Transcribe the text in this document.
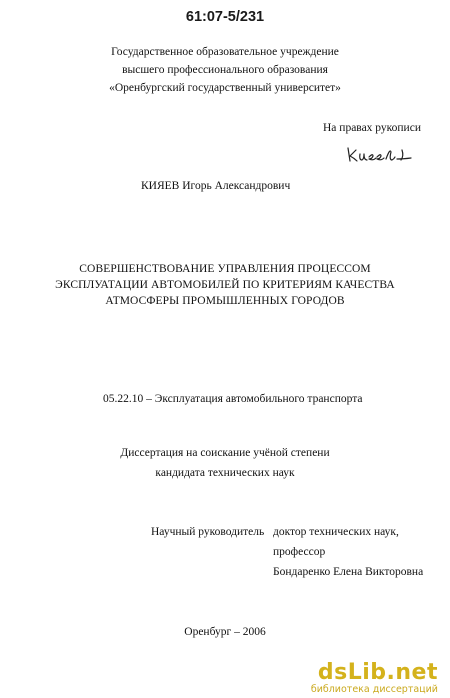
61:07-5/231
Государственное образовательное учреждение
высшего профессионального образования
«Оренбургский государственный университет»
На правах рукописи
КИЯЕВ Игорь Александрович
СОВЕРШЕНСТВОВАНИЕ УПРАВЛЕНИЯ ПРОЦЕССОМ
ЭКСПЛУАТАЦИИ АВТОМОБИЛЕЙ ПО КРИТЕРИЯМ КАЧЕСТВА
АТМОСФЕРЫ ПРОМЫШЛЕННЫХ ГОРОДОВ
05.22.10 – Эксплуатация автомобильного транспорта
Диссертация на соискание учёной степени
кандидата технических наук
Научный руководитель доктор технических наук,
профессор
Бондаренко Елена Викторовна
Оренбург – 2006
dsLib.net
библиотека диссертаций
